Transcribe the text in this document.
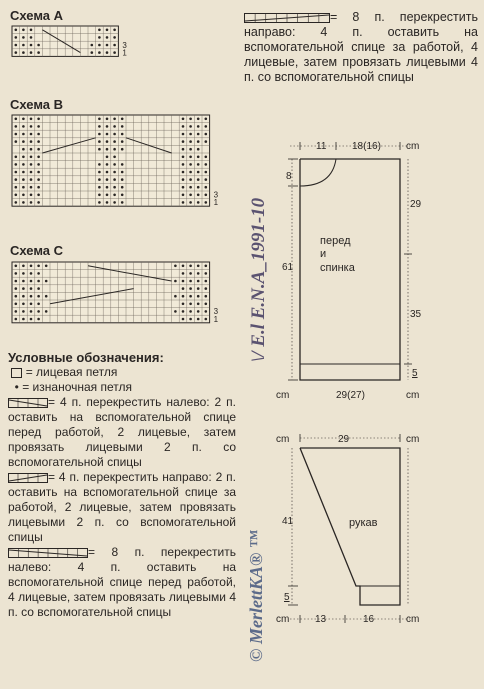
Схема А
3
1
Схема В
3
1
Схема С
3
1

Условные обозначения:

= лицевая петля

• = изнаночная петля

= 4 п. перекрестить налево: 2 п. оставить на вспомогательной спице перед работой, 2 лицевые, затем провязать лицевыми 2 п. со вспомогательной спицы

= 4 п. перекрестить направо: 2 п. оставить на вспомогательной спице за работой, 2 лицевые, затем провязать лицевыми 2 п. со вспомогательной спицы

= 8 п. перекрестить налево: 4 п. оставить на вспомогательной спице перед работой, 4 лицевые, затем провязать лицевыми 4 п. со вспомогательной спицы

= 8 п. перекрестить направо: 4 п. оставить на вспомогательной спице за работой, 4 лицевые, затем провязать лицевыми 4 п. со вспомогательной спицы
11	18(16)	cm
8
61
29
35
5
cm	29(27)	cm
перед
и
спинка
cm	29	cm
41
5
cm	13	16	cm
рукав
\/ E.l E.N.A_1991-10
© MerlettKA® ™
